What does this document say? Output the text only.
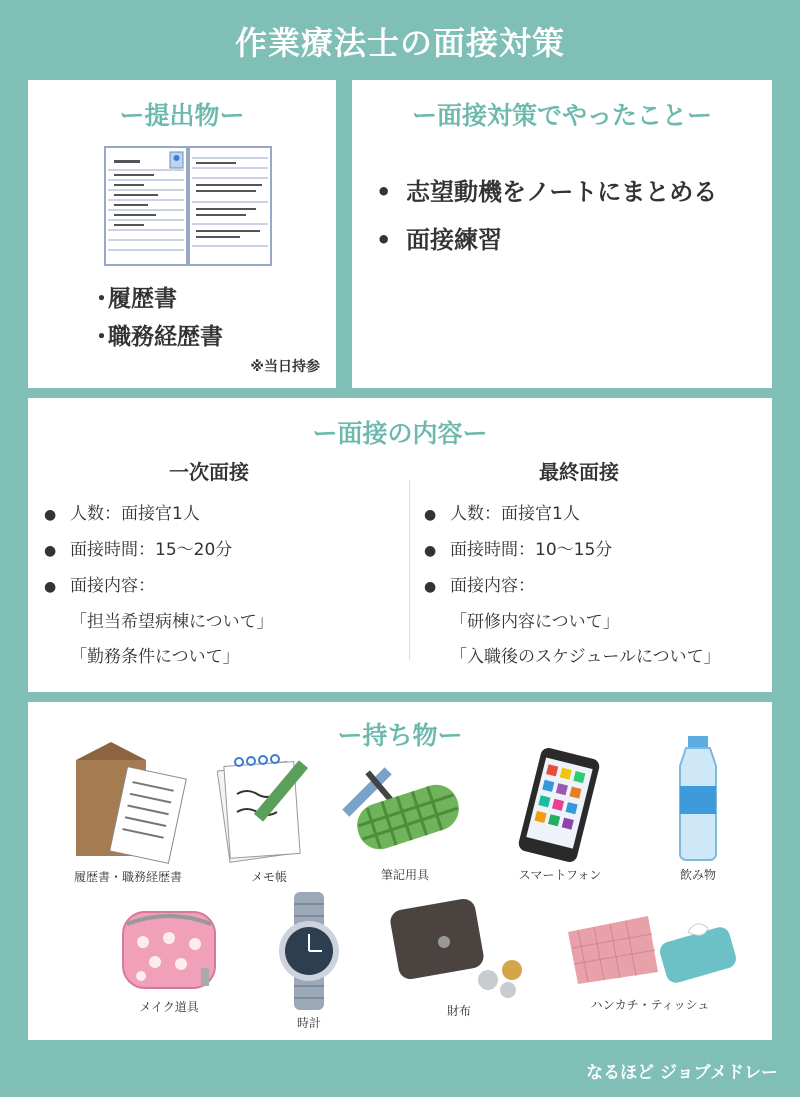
作業療法士の面接対策
ー提出物ー
・履歴書
・職務経歴書
※当日持参
ー面接対策でやったことー
• 志望動機をノートにまとめる
• 面接練習
ー面接の内容ー
一次面接
● 人数：面接官1人
● 面接時間：15〜20分
● 面接内容：
「担当希望病棟について」
「勤務条件について」
最終面接
● 人数：面接官1人
● 面接時間：10〜15分
● 面接内容：
「研修内容について」
「入職後のスケジュールについて」
ー持ち物ー
履歴書・職務経歴書	メモ帳	筆記用具	スマートフォン	飲み物
メイク道具
時計
財布	ハンカチ・ティッシュ
なるほど ジョブメドレー
